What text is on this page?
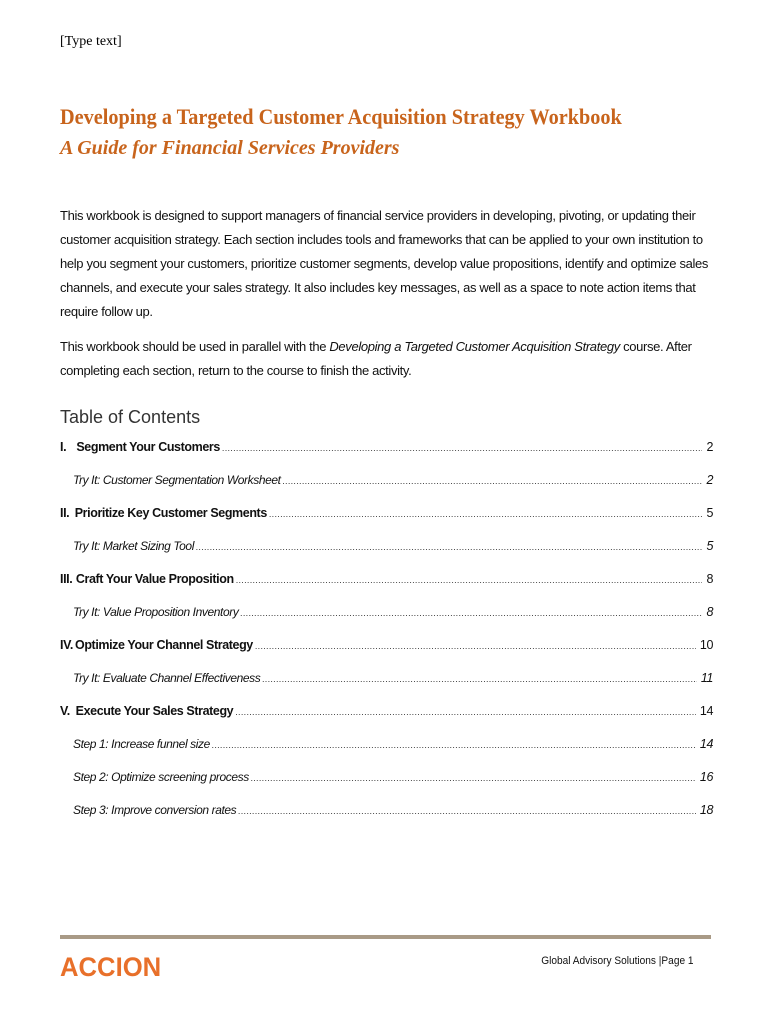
[Type text]
Developing a Targeted Customer Acquisition Strategy Workbook
A Guide for Financial Services Providers

This workbook is designed to support managers of financial service providers in developing, pivoting, or updating their customer acquisition strategy. Each section includes tools and frameworks that can be applied to your own institution to help you segment your customers, prioritize customer segments, develop value propositions, identify and optimize sales channels, and execute your sales strategy. It also includes key messages, as well as a space to note action items that require follow up.

This workbook should be used in parallel with the Developing a Targeted Customer Acquisition Strategy course. After completing each section, return to the course to finish the activity.

Table of Contents
I. Segment Your Customers .....	2
Try It: Customer Segmentation Worksheet .....	2
II. Prioritize Key Customer Segments .....	5
Try It: Market Sizing Tool .....	5
III. Craft Your Value Proposition .....	8
Try It: Value Proposition Inventory .....	8
IV. Optimize Your Channel Strategy .....	10
Try It: Evaluate Channel Effectiveness .....	11
V. Execute Your Sales Strategy .....	14
Step 1: Increase funnel size .....	14
Step 2: Optimize screening process .....	16
Step 3: Improve conversion rates .....	18
ACCION	Global Advisory Solutions |Page 1
